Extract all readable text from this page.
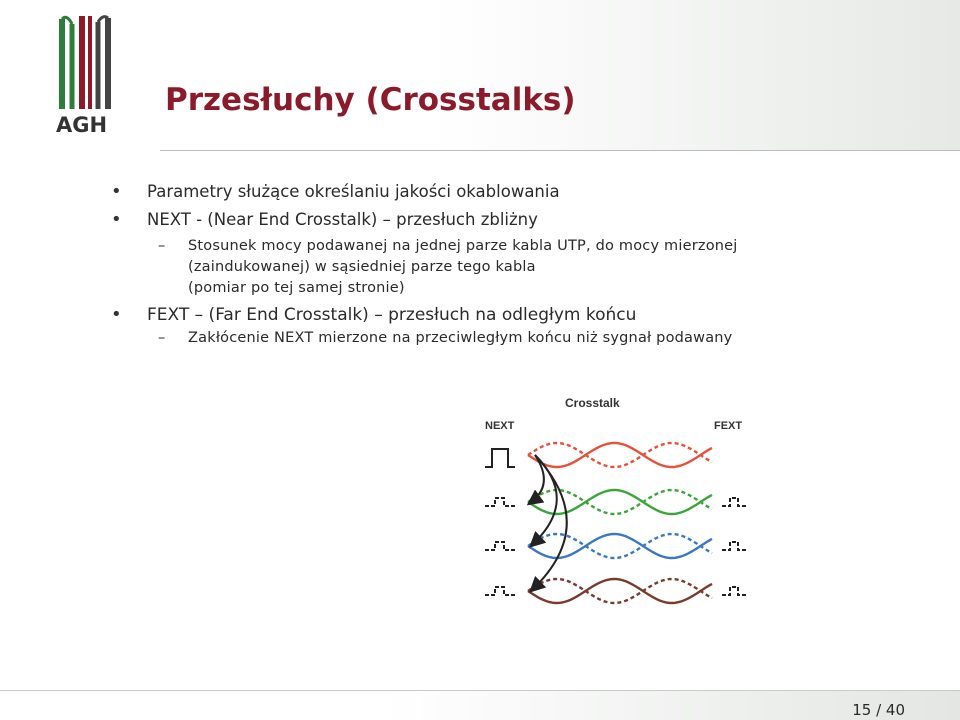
AGH
Przesłuchy (Crosstalks)
• Parametry służące określaniu jakości okablowania
• NEXT - (Near End Crosstalk) – przesłuch zbliżny
– Stosunek mocy podawanej na jednej parze kabla UTP, do mocy mierzonej
(zaindukowanej) w sąsiedniej parze tego kabla
(pomiar po tej samej stronie)
• FEXT – (Far End Crosstalk) – przesłuch na odległym końcu
– Zakłócenie NEXT mierzone na przeciwległym końcu niż sygnał podawany
Crosstalk
NEXT	FEXT
15 / 40
